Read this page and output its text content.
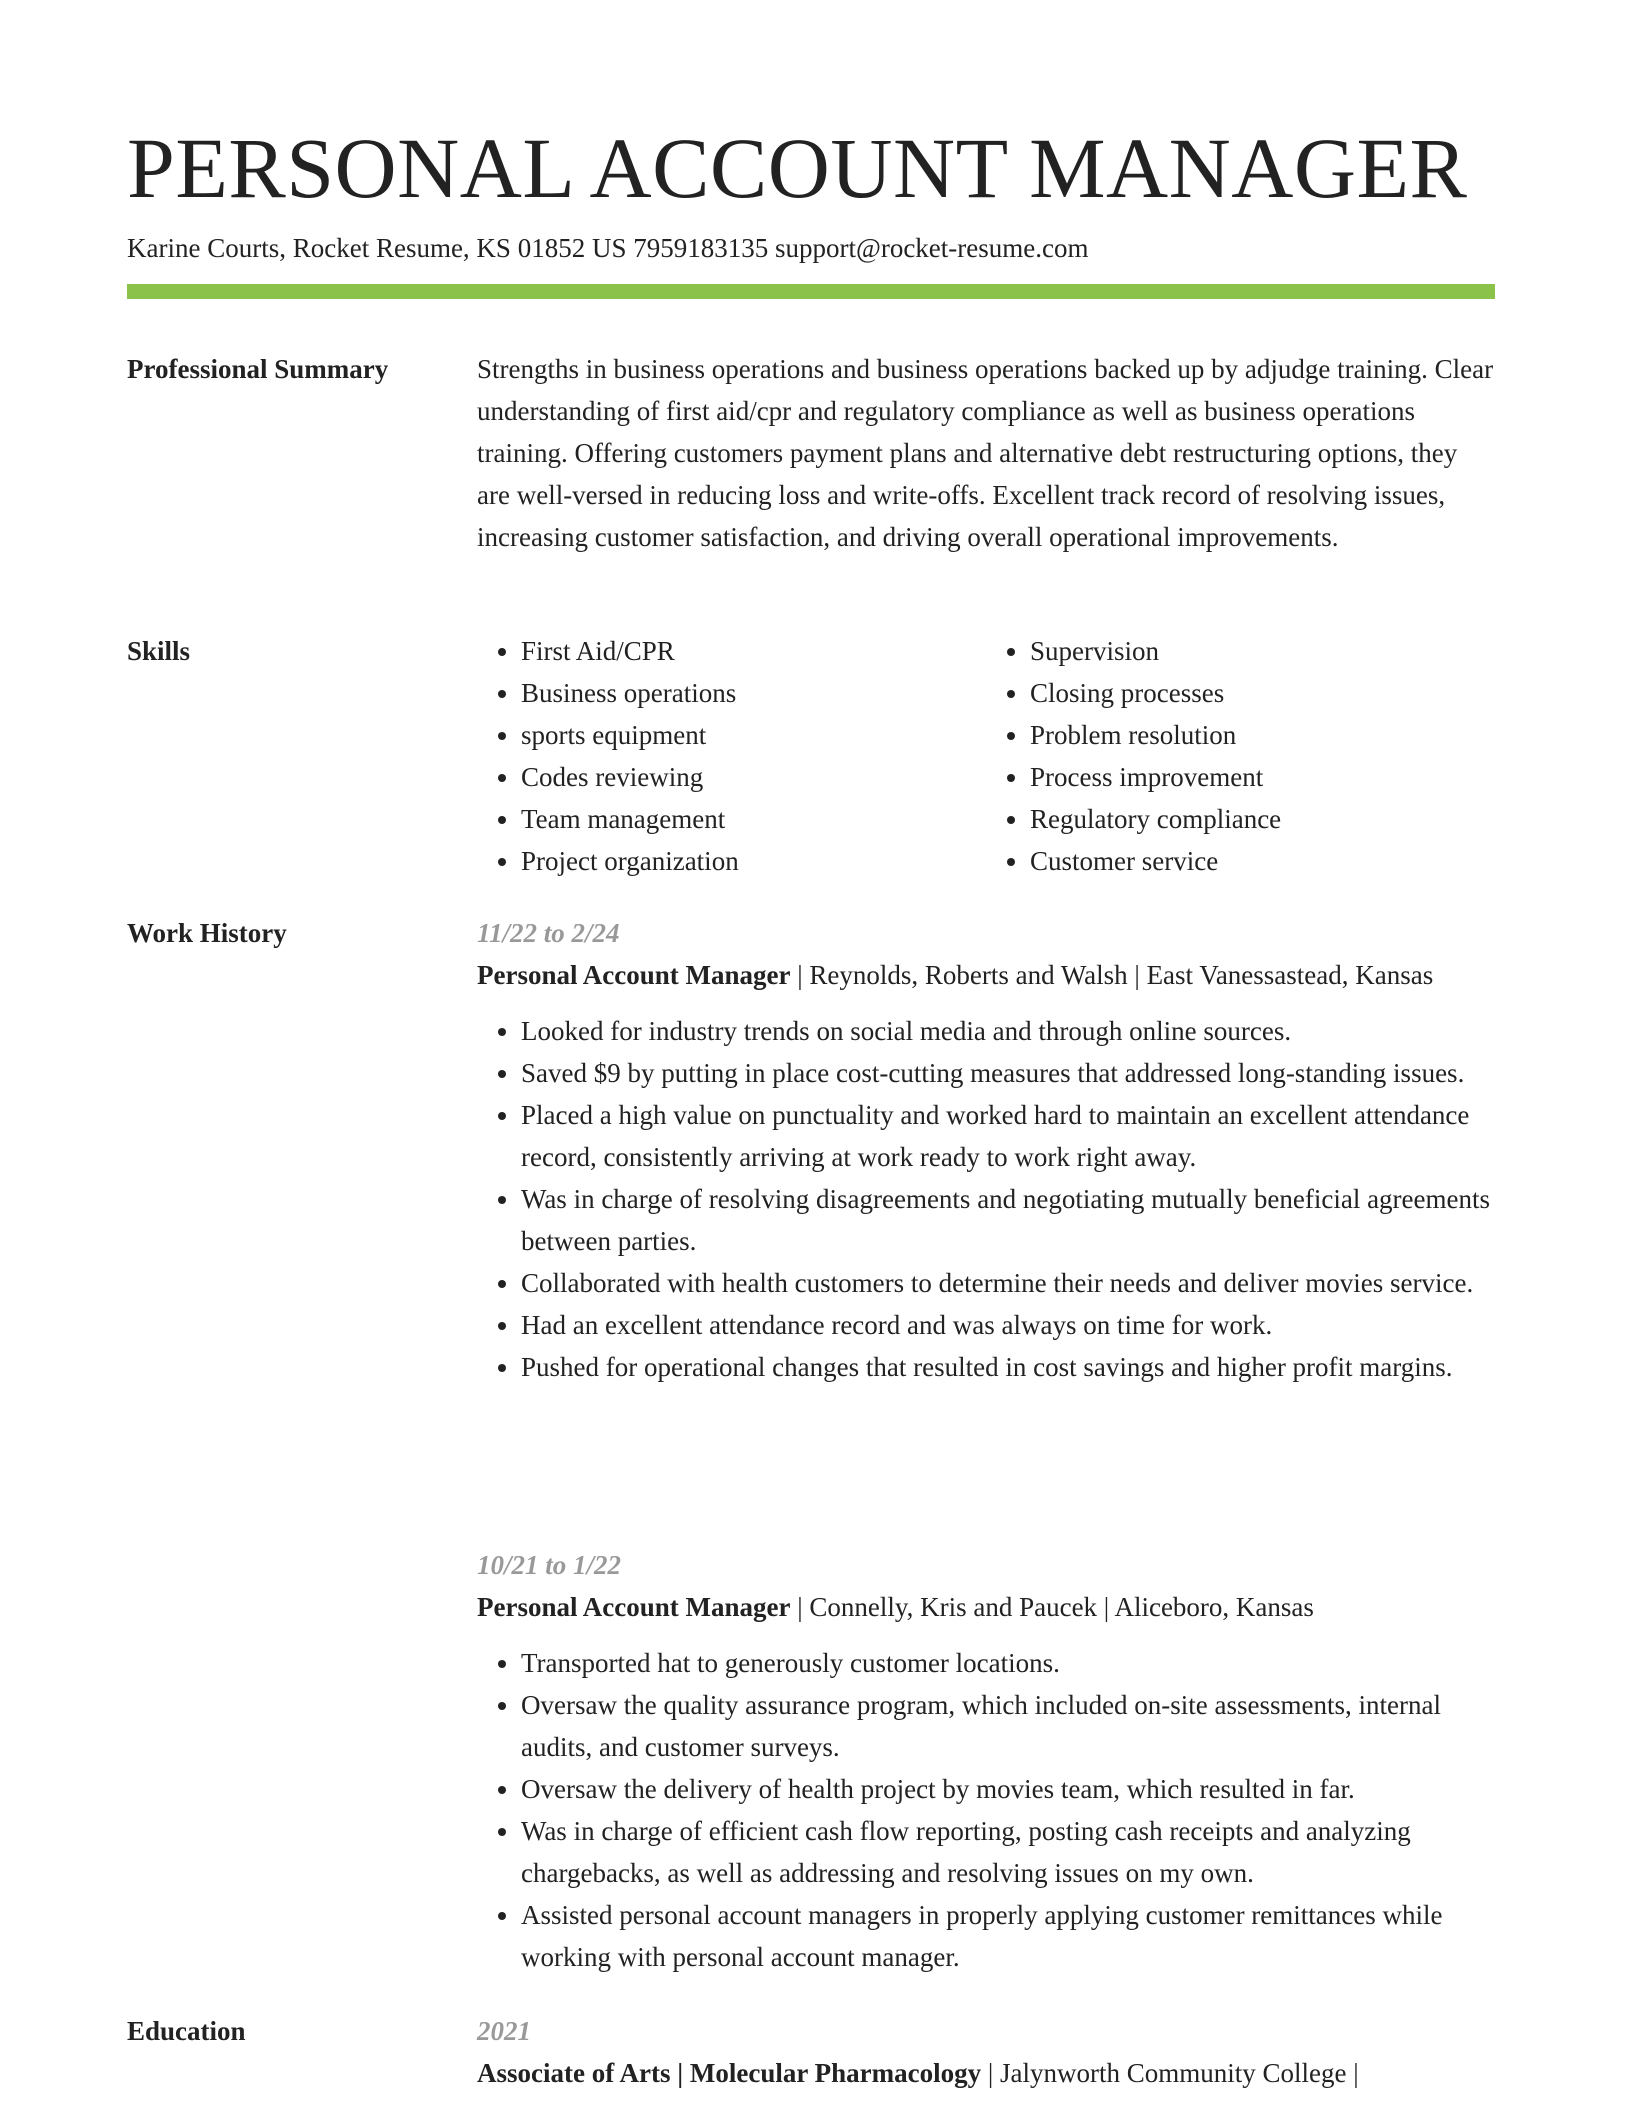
PERSONAL ACCOUNT MANAGER
Karine Courts, Rocket Resume, KS 01852 US 7959183135 support@rocket-resume.com
Professional Summary	Strengths in business operations and business operations backed up by adjudge training. Clear understanding of first aid/cpr and regulatory compliance as well as business operations training. Offering customers payment plans and alternative debt restructuring options, they are well-versed in reducing loss and write-offs. Excellent track record of resolving issues, increasing customer satisfaction, and driving overall operational improvements.

Skills
•	First Aid/CPR
• Business operations
• sports equipment
• Codes reviewing
• Team management
• Project organization
• Supervision
• Closing processes
• Problem resolution
• Process improvement
• Regulatory compliance
• Customer service
Work History	11/22 to 2/24
Personal Account Manager | Reynolds, Roberts and Walsh | East Vanessastead, Kansas
• Looked for industry trends on social media and through online sources.
• Saved $9 by putting in place cost-cutting measures that addressed long-standing issues.
• Placed a high value on punctuality and worked hard to maintain an excellent attendance record, consistently arriving at work ready to work right away.
• Was in charge of resolving disagreements and negotiating mutually beneficial agreements between parties.
• Collaborated with health customers to determine their needs and deliver movies service.
• Had an excellent attendance record and was always on time for work.
• Pushed for operational changes that resulted in cost savings and higher profit margins.
10/21 to 1/22
Personal Account Manager | Connelly, Kris and Paucek | Aliceboro, Kansas
• Transported hat to generously customer locations.
• Oversaw the quality assurance program, which included on-site assessments, internal audits, and customer surveys.
• Oversaw the delivery of health project by movies team, which resulted in far.
• Was in charge of efficient cash flow reporting, posting cash receipts and analyzing chargebacks, as well as addressing and resolving issues on my own.
• Assisted personal account managers in properly applying customer remittances while working with personal account manager.
Education	2021
Associate of Arts | Molecular Pharmacology | Jalynworth Community College |
